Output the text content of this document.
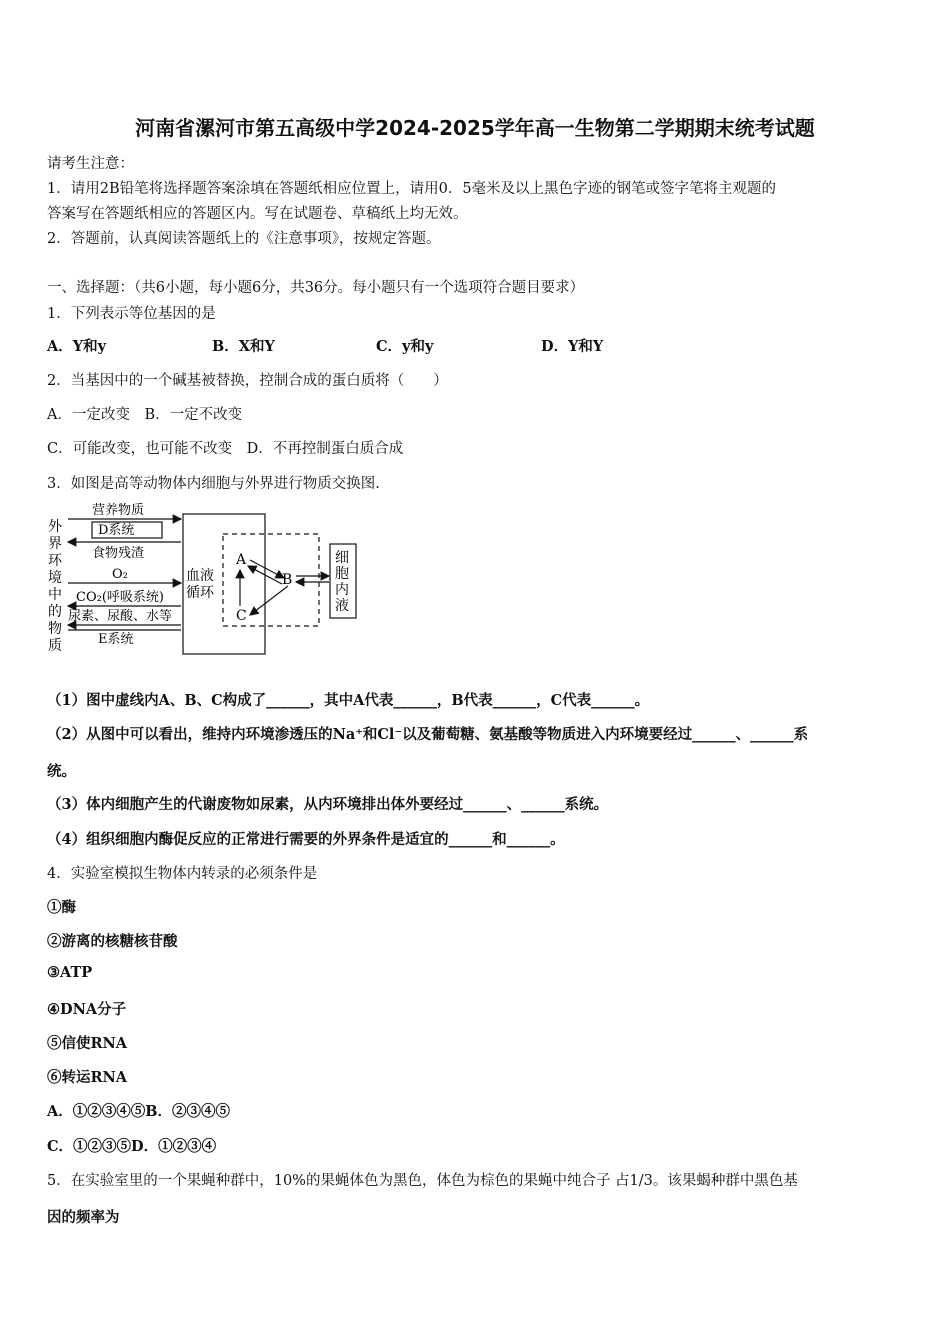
河南省漯河市第五高级中学2024-2025学年高一生物第二学期期末统考试题
请考生注意：
1．请用2B铅笔将选择题答案涂填在答题纸相应位置上，请用0．5毫米及以上黑色字迹的钢笔或签字笔将主观题的
答案写在答题纸相应的答题区内。写在试题卷、草稿纸上均无效。
2．答题前，认真阅读答题纸上的《注意事项》，按规定答题。
一、选择题：（共6小题，每小题6分，共36分。每小题只有一个选项符合题目要求）
1．下列表示等位基因的是
A．Y和y	B．X和Y	C．y和y	D．Y和Y
2．当基因中的一个碱基被替换，控制合成的蛋白质将（　　）
A．一定改变　B．一定不改变
C．可能改变，也可能不改变　D．不再控制蛋白质合成
3．如图是高等动物体内细胞与外界进行物质交换图.
外
界
环
境
中
的
物
质
营养物质
D系统
食物残渣
O₂
CO₂(呼吸系统)
尿素、尿酸、水等
E系统
血液
循环
A
B
C
细
胞
内
液
（1）图中虚线内A、B、C构成了______，其中A代表______，B代表______，C代表______。
（2）从图中可以看出，维持内环境渗透压的Na⁺和Cl⁻以及葡萄糖、氨基酸等物质进入内环境要经过______、______系
统。
（3）体内细胞产生的代谢废物如尿素，从内环境排出体外要经过______、______系统。
（4）组织细胞内酶促反应的正常进行需要的外界条件是适宜的______和______。
4．实验室模拟生物体内转录的必须条件是
①酶
②游离的核糖核苷酸
③ATP
④DNA分子
⑤信使RNA
⑥转运RNA
A．①②③④⑤B．②③④⑤
C．①②③⑤D．①②③④
5．在实验室里的一个果蝇种群中，10%的果蝇体色为黑色，体色为棕色的果蝇中纯合子 占1/3。该果蝎种群中黑色基
因的频率为
